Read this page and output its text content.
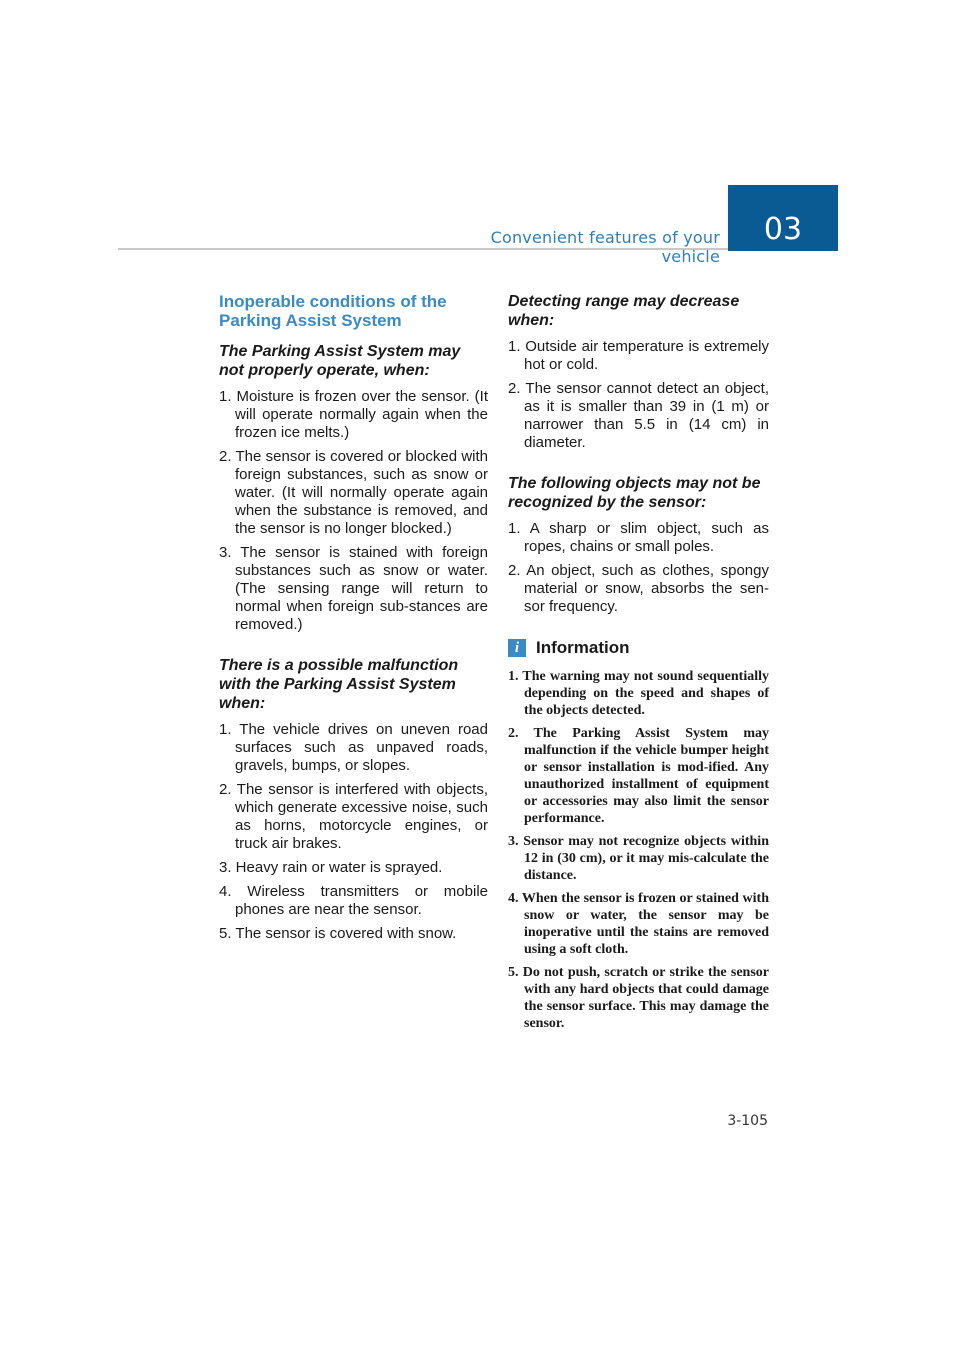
Convenient features of your vehicle
03
Inoperable conditions of the Parking Assist System
The Parking Assist System may not properly operate, when:
1. Moisture is frozen over the sensor. (It will operate normally again when the frozen ice melts.)
2. The sensor is covered or blocked with foreign substances, such as snow or water. (It will normally operate again when the substance is removed, and the sensor is no longer blocked.)
3. The sensor is stained with foreign substances such as snow or water. (The sensing range will return to normal when foreign sub-stances are removed.)
There is a possible malfunction with the Parking Assist System when:
1. The vehicle drives on uneven road surfaces such as unpaved roads, gravels, bumps, or slopes.
2. The sensor is interfered with objects, which generate excessive noise, such as horns, motorcycle engines, or truck air brakes.
3. Heavy rain or water is sprayed.
4. Wireless transmitters or mobile phones are near the sensor.
5. The sensor is covered with snow.
Detecting range may decrease when:
1. Outside air temperature is extremely hot or cold.
2. The sensor cannot detect an object, as it is smaller than 39 in (1 m) or narrower than 5.5 in (14 cm) in diameter.
The following objects may not be recognized by the sensor:
1. A sharp or slim object, such as ropes, chains or small poles.
2. An object, such as clothes, spongy material or snow, absorbs the sen-sor frequency.
i Information
1. The warning may not sound sequentially depending on the speed and shapes of the objects detected.
2. The Parking Assist System may malfunction if the vehicle bumper height or sensor installation is mod-ified. Any unauthorized installment of equipment or accessories may also limit the sensor performance.
3. Sensor may not recognize objects within 12 in (30 cm), or it may mis-calculate the distance.
4. When the sensor is frozen or stained with snow or water, the sensor may be inoperative until the stains are removed using a soft cloth.
5. Do not push, scratch or strike the sensor with any hard objects that could damage the sensor surface. This may damage the sensor.
3-105
